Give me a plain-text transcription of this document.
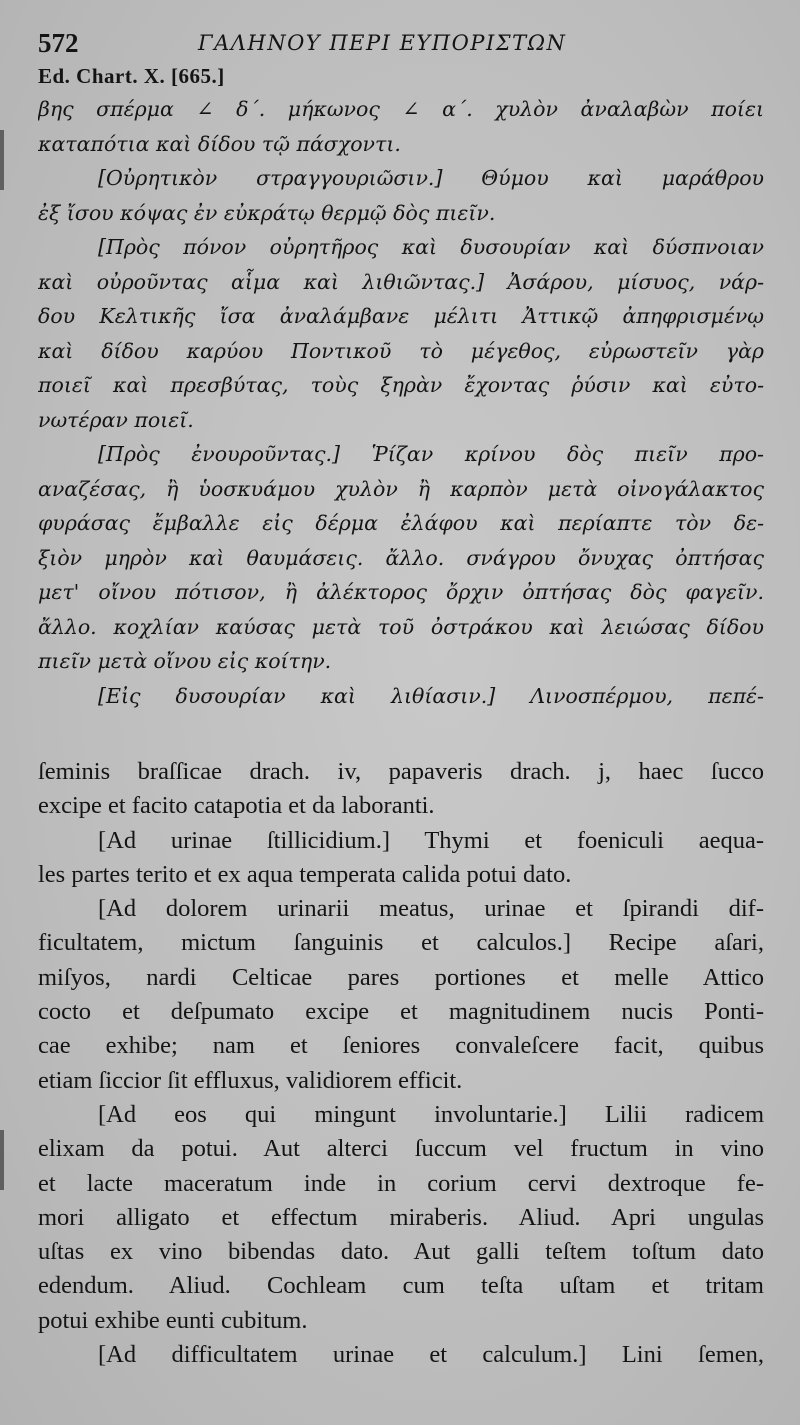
572	ΓΑΛΗΝΟΥ ΠΕΡΙ ΕΥΠΟΡΙΣΤΩΝ
Ed. Chart. X. [665.]
βης σπέρμα ∠ δ΄. μήκωνος ∠ α΄. χυλὸν ἀναλαβὼν ποίει
καταπότια καὶ δίδου τῷ πάσχοντι.
[Οὐρητικὸν στραγγουριῶσιν.] Θύμου καὶ μαράθρου
ἐξ ἴσου κόψας ἐν εὐκράτῳ θερμῷ δὸς πιεῖν.
[Πρὸς πόνον οὐρητῆρος καὶ δυσουρίαν καὶ δύσπνοιαν
καὶ οὐροῦντας αἷμα καὶ λιθιῶντας.] Ἀσάρου, μίσυος, νάρ-
δου Κελτικῆς ἴσα ἀναλάμβανε μέλιτι Ἀττικῷ ἀπηφρισμένῳ
καὶ δίδου καρύου Ποντικοῦ τὸ μέγεθος, εὐρωστεῖν γὰρ
ποιεῖ καὶ πρεσβύτας, τοὺς ξηρὰν ἔχοντας ῥύσιν καὶ εὐτο-
νωτέραν ποιεῖ.
[Πρὸς ἐνουροῦντας.] Ῥίζαν κρίνου δὸς πιεῖν προ-
αναζέσας, ἢ ὑοσκυάμου χυλὸν ἢ καρπὸν μετὰ οἰνογάλακτος
φυράσας ἔμβαλλε εἰς δέρμα ἐλάφου καὶ περίαπτε τὸν δε-
ξιὸν μηρὸν καὶ θαυμάσεις. ἄλλο. σνάγρου ὄνυχας ὀπτήσας
μετ' οἴνου πότισον, ἢ ἀλέκτορος ὄρχιν ὀπτήσας δὸς φαγεῖν.
ἄλλο. κοχλίαν καύσας μετὰ τοῦ ὀστράκου καὶ λειώσας δίδου
πιεῖν μετὰ οἴνου εἰς κοίτην.
[Εἰς δυσουρίαν καὶ λιθίασιν.] Λινοσπέρμου, πεπέ-
ſeminis braſſicae drach. iv, papaveris drach. j, haec ſucco
excipe et facito catapotia et da laboranti.
[Ad urinae ſtillicidium.] Thymi et foeniculi aequa-
les partes terito et ex aqua temperata calida potui dato.
[Ad dolorem urinarii meatus, urinae et ſpirandi dif-
ficultatem, mictum ſanguinis et calculos.] Recipe aſari,
miſyos, nardi Celticae pares portiones et melle Attico
cocto et deſpumato excipe et magnitudinem nucis Ponti-
cae exhibe; nam et ſeniores convaleſcere facit, quibus
etiam ſiccior ſit effluxus, validiorem efficit.
[Ad eos qui mingunt involuntarie.] Lilii radicem
elixam da potui. Aut alterci ſuccum vel fructum in vino
et lacte maceratum inde in corium cervi dextroque fe-
mori alligato et effectum miraberis. Aliud. Apri ungulas
uſtas ex vino bibendas dato. Aut galli teſtem toſtum dato
edendum. Aliud. Cochleam cum teſta uſtam et tritam
potui exhibe eunti cubitum.
[Ad difficultatem urinae et calculum.] Lini ſemen,
